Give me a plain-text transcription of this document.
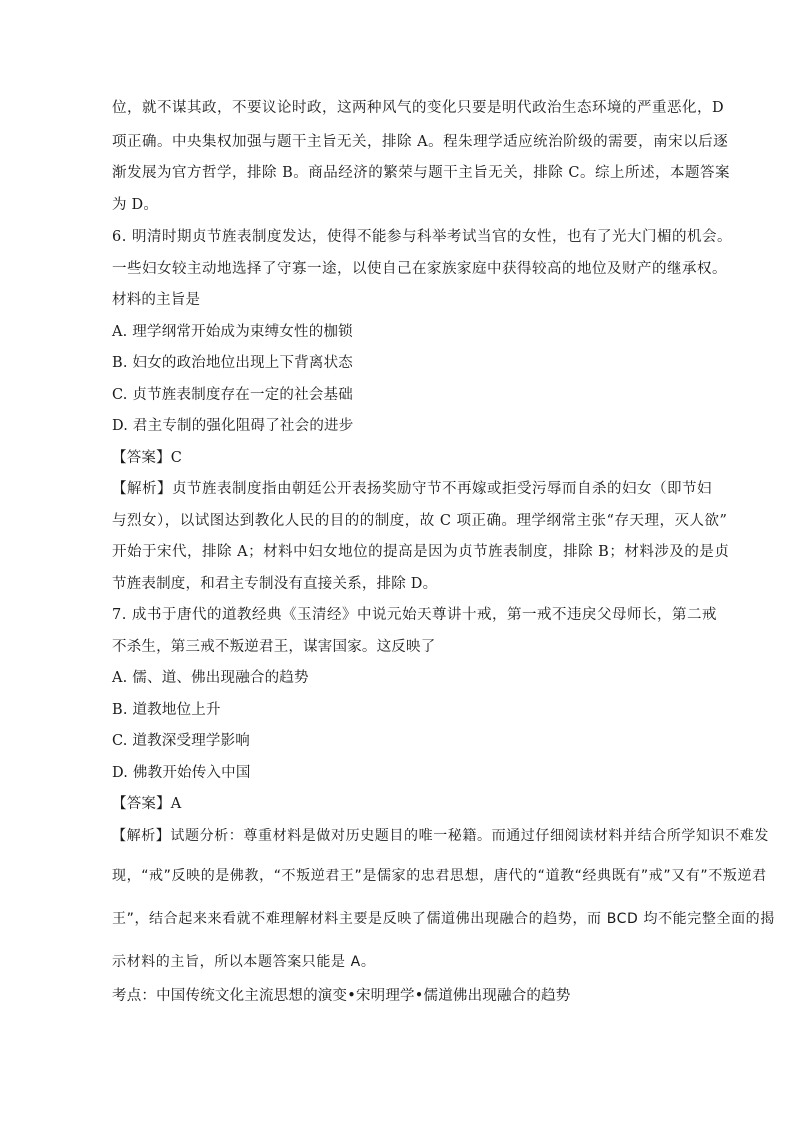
位，就不谋其政，不要议论时政，这两种风气的变化只要是明代政治生态环境的严重恶化，D
项正确。中央集权加强与题干主旨无关，排除 A。程朱理学适应统治阶级的需要，南宋以后逐
渐发展为官方哲学，排除 B。商品经济的繁荣与题干主旨无关，排除 C。综上所述，本题答案
为 D。
6. 明清时期贞节旌表制度发达，使得不能参与科举考试当官的女性，也有了光大门楣的机会。
一些妇女较主动地选择了守寡一途，以使自己在家族家庭中获得较高的地位及财产的继承权。
材料的主旨是
A. 理学纲常开始成为束缚女性的枷锁
B. 妇女的政治地位出现上下背离状态
C. 贞节旌表制度存在一定的社会基础
D. 君主专制的强化阻碍了社会的进步
【答案】C
【解析】贞节旌表制度指由朝廷公开表扬奖励守节不再嫁或拒受污辱而自杀的妇女（即节妇
与烈女），以试图达到教化人民的目的的制度，故 C 项正确。理学纲常主张“存天理，灭人欲”
开始于宋代，排除 A；材料中妇女地位的提高是因为贞节旌表制度，排除 B；材料涉及的是贞
节旌表制度，和君主专制没有直接关系，排除 D。
7. 成书于唐代的道教经典《玉清经》中说元始天尊讲十戒，第一戒不违戾父母师长，第二戒
不杀生，第三戒不叛逆君王，谋害国家。这反映了
A. 儒、道、佛出现融合的趋势
B. 道教地位上升
C. 道教深受理学影响
D. 佛教开始传入中国
【答案】A
【解析】试题分析：尊重材料是做对历史题目的唯一秘籍。而通过仔细阅读材料并结合所学知识不难发
现，“戒”反映的是佛教，“不叛逆君王”是儒家的忠君思想，唐代的“道教“经典既有”戒”又有”不叛逆君
王”，结合起来来看就不难理解材料主要是反映了儒道佛出现融合的趋势，而 BCD 均不能完整全面的揭
示材料的主旨，所以本题答案只能是 A。
考点：中国传统文化主流思想的演变•宋明理学•儒道佛出现融合的趋势
